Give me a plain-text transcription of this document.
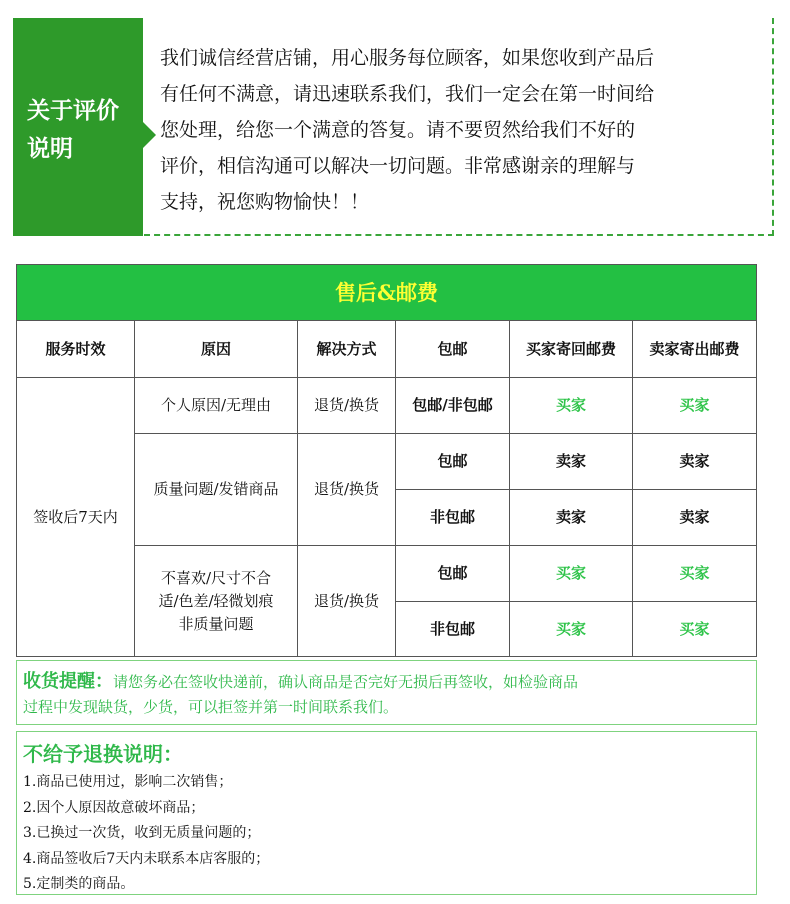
关于评价
说明
我们诚信经营店铺，用心服务每位顾客，如果您收到产品后
有任何不满意，请迅速联系我们，我们一定会在第一时间给
您处理，给您一个满意的答复。请不要贸然给我们不好的
评价，相信沟通可以解决一切问题。非常感谢亲的理解与
支持，祝您购物愉快！！
售后&邮费
服务时效	原因	解决方式	包邮	买家寄回邮费	卖家寄出邮费
签收后7天内
个人原因/无理由	退货/换货	包邮/非包邮	买家	买家
质量问题/发错商品	退货/换货
包邮	卖家	卖家
非包邮	卖家	卖家
不喜欢/尺寸不合
适/色差/轻微划痕
非质量问题
退货/换货
包邮	买家	买家
非包邮	买家	买家
收货提醒：请您务必在签收快递前，确认商品是否完好无损后再签收，如检验商品
过程中发现缺货，少货，可以拒签并第一时间联系我们。
不给予退换说明：
1.商品已使用过，影响二次销售；
2.因个人原因故意破坏商品；
3.已换过一次货，收到无质量问题的；
4.商品签收后7天内未联系本店客服的；
5.定制类的商品。
